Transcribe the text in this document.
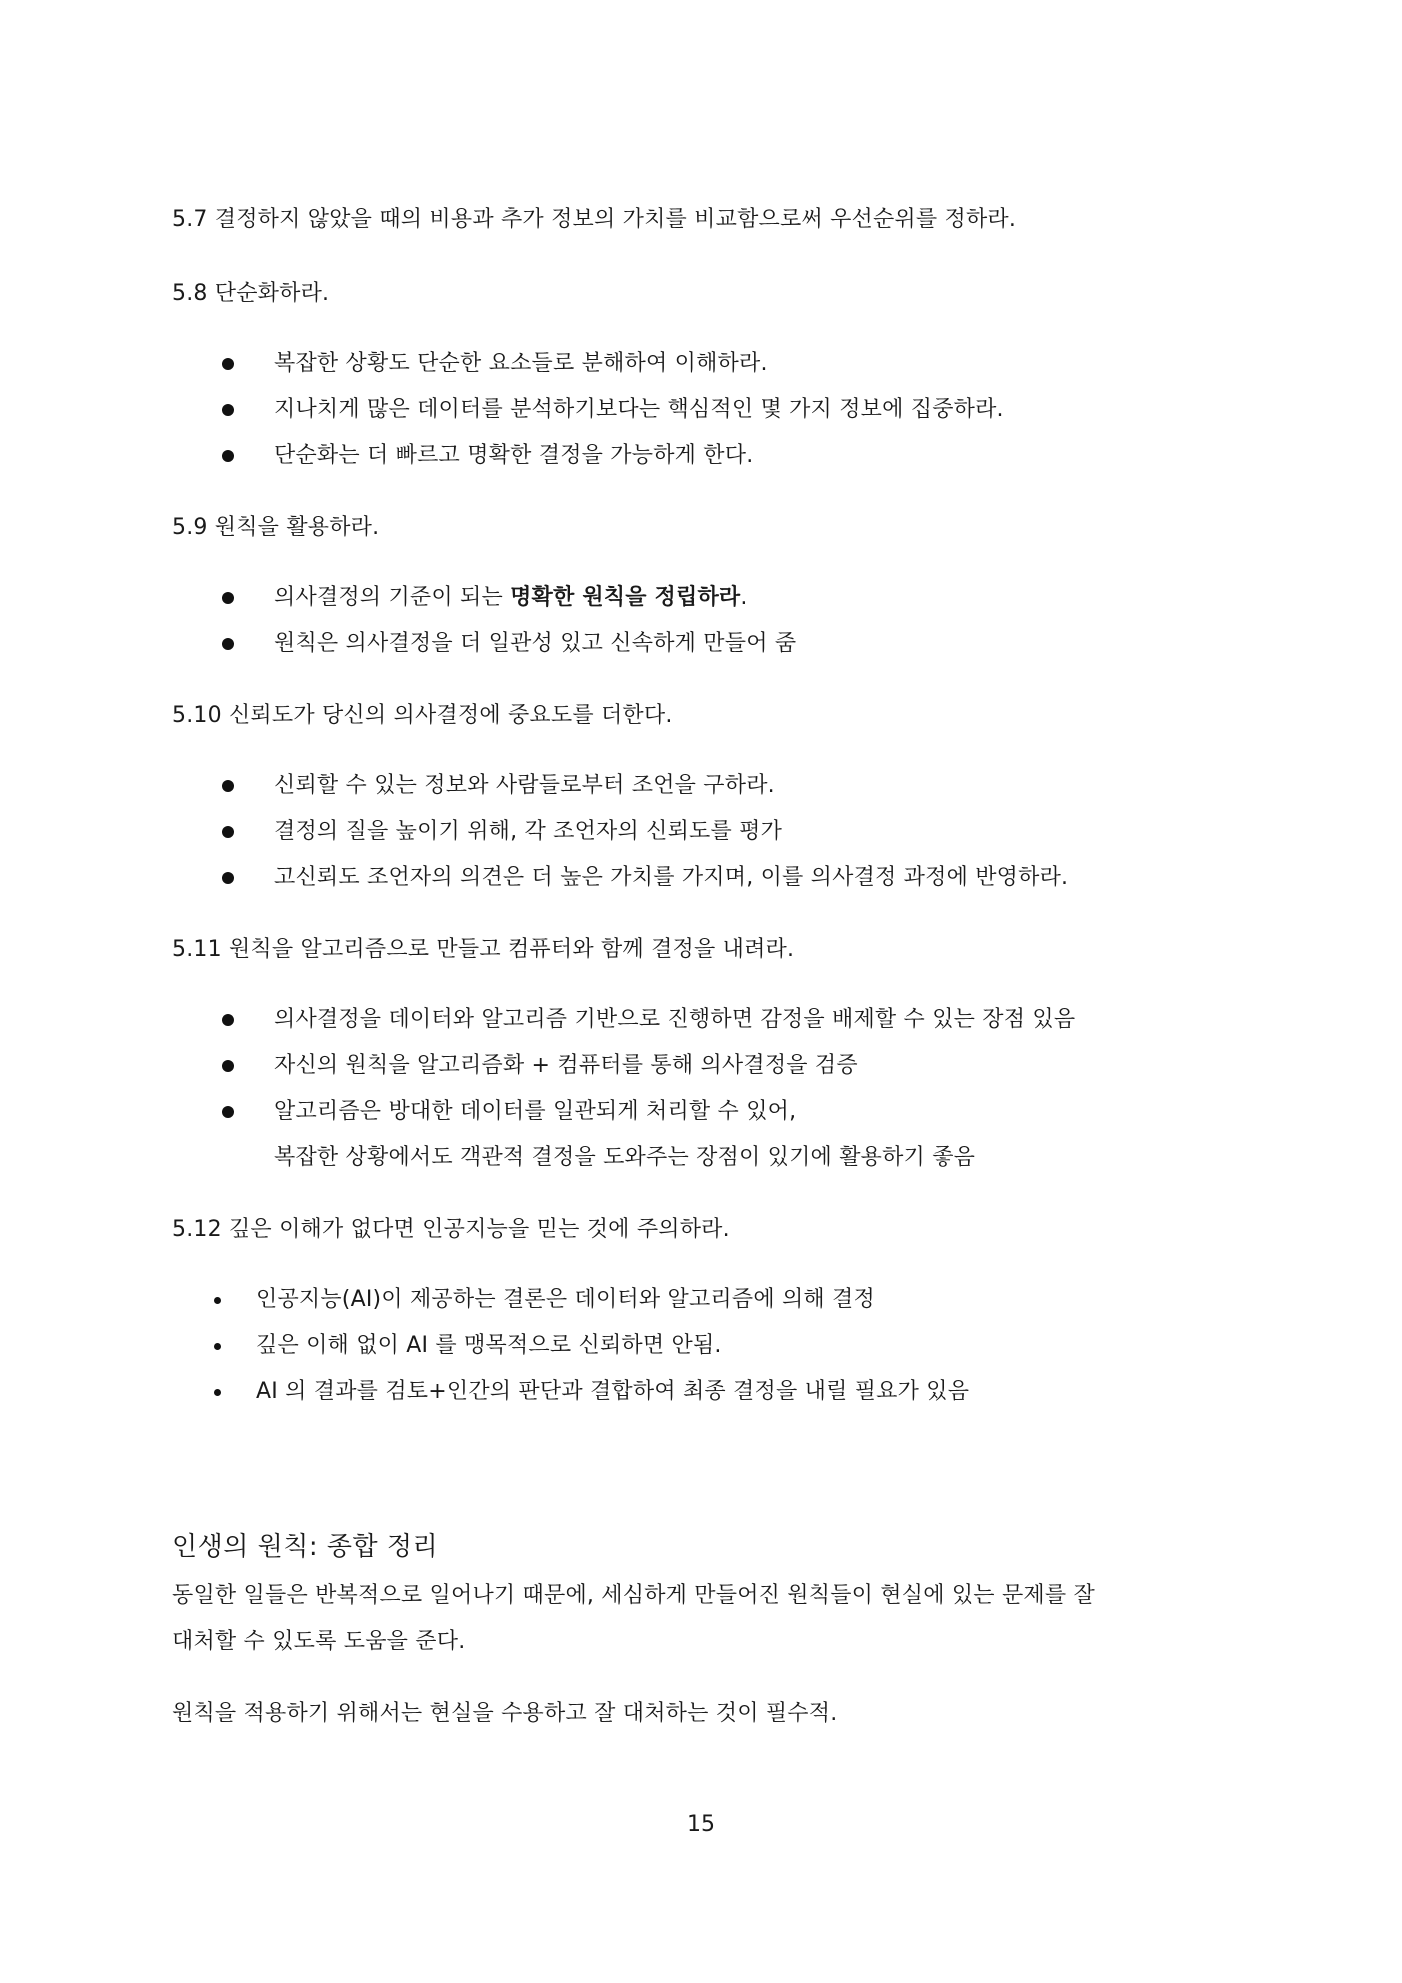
5.7 결정하지 않았을 때의 비용과 추가 정보의 가치를 비교함으로써 우선순위를 정하라.
5.8 단순화하라.
복잡한 상황도 단순한 요소들로 분해하여 이해하라.
지나치게 많은 데이터를 분석하기보다는 핵심적인 몇 가지 정보에 집중하라.
단순화는 더 빠르고 명확한 결정을 가능하게 한다.
5.9 원칙을 활용하라.
의사결정의 기준이 되는 명확한 원칙을 정립하라.
원칙은 의사결정을 더 일관성 있고 신속하게 만들어 줌
5.10 신뢰도가 당신의 의사결정에 중요도를 더한다.
신뢰할 수 있는 정보와 사람들로부터 조언을 구하라.
결정의 질을 높이기 위해, 각 조언자의 신뢰도를 평가
고신뢰도 조언자의 의견은 더 높은 가치를 가지며, 이를 의사결정 과정에 반영하라.
5.11 원칙을 알고리즘으로 만들고 컴퓨터와 함께 결정을 내려라.
의사결정을 데이터와 알고리즘 기반으로 진행하면 감정을 배제할 수 있는 장점 있음
자신의 원칙을 알고리즘화 + 컴퓨터를 통해 의사결정을 검증
알고리즘은 방대한 데이터를 일관되게 처리할 수 있어,
복잡한 상황에서도 객관적 결정을 도와주는 장점이 있기에 활용하기 좋음
5.12 깊은 이해가 없다면 인공지능을 믿는 것에 주의하라.
인공지능(AI)이 제공하는 결론은 데이터와 알고리즘에 의해 결정
깊은 이해 없이 AI 를 맹목적으로 신뢰하면 안됨.
AI 의 결과를 검토+인간의 판단과 결합하여 최종 결정을 내릴 필요가 있음
인생의 원칙: 종합 정리
동일한 일들은 반복적으로 일어나기 때문에, 세심하게 만들어진 원칙들이 현실에 있는 문제를 잘
대처할 수 있도록 도움을 준다.
원칙을 적용하기 위해서는 현실을 수용하고 잘 대처하는 것이 필수적.
15
